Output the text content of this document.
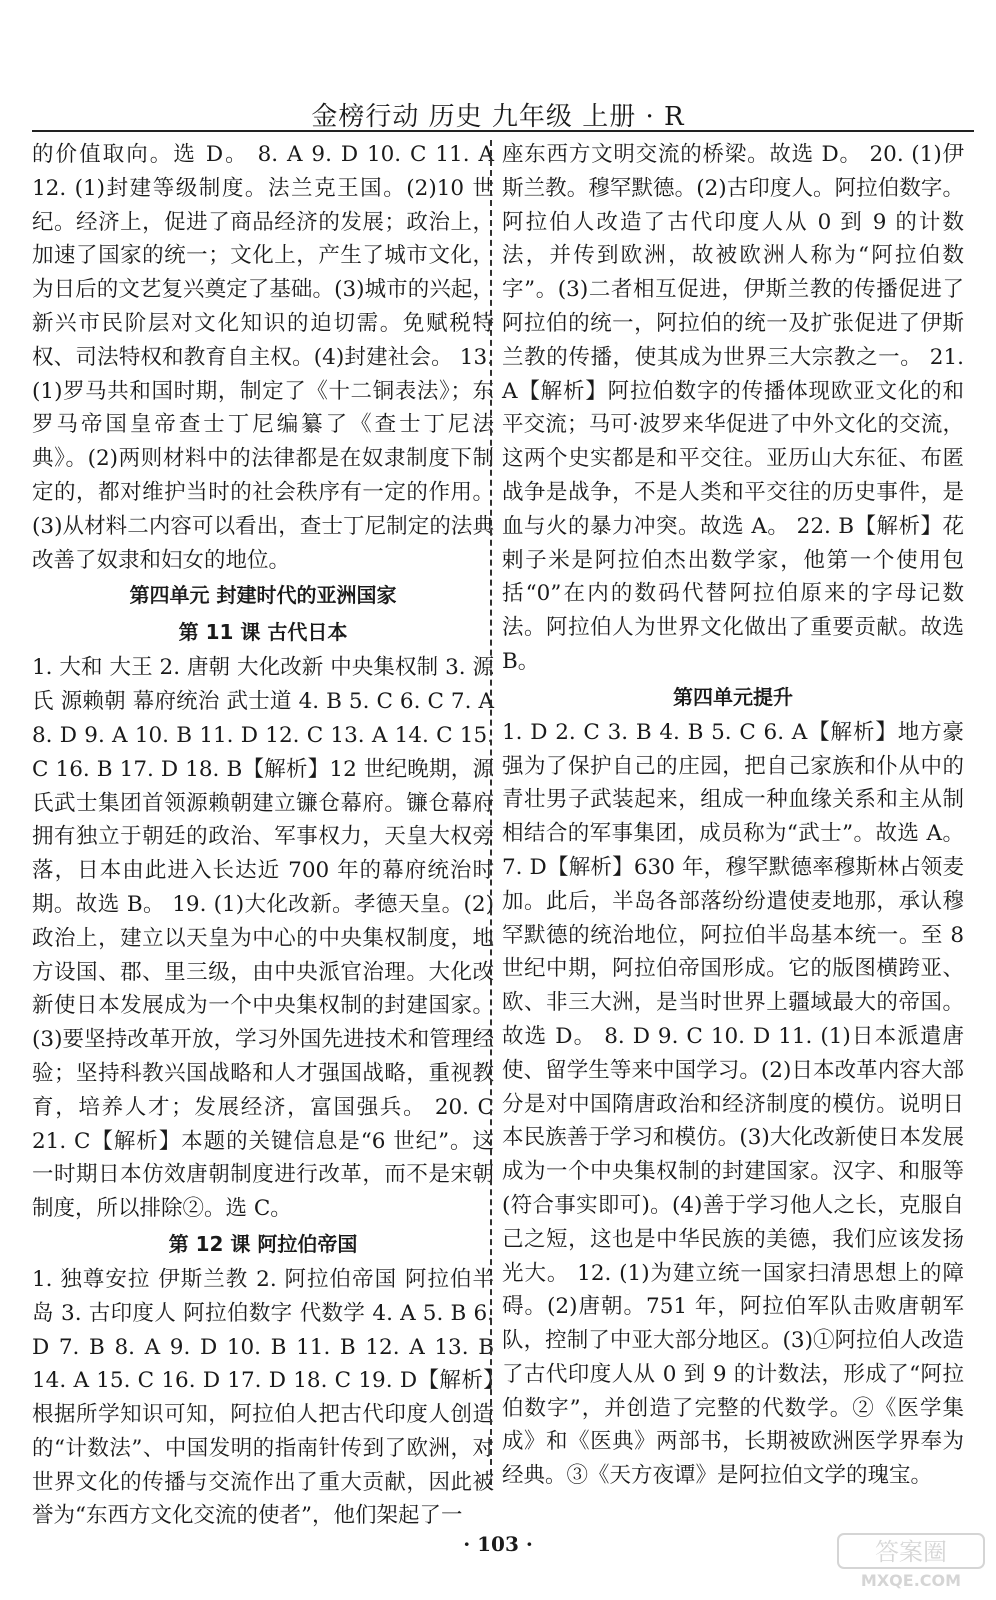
金榜行动 历史 九年级 上册 · R

的价值取向。选 D。 8. A 9. D 10. C 11. A 12. (1)封建等级制度。法兰克王国。(2)10 世纪。经济上，促进了商品经济的发展；政治上，加速了国家的统一；文化上，产生了城市文化，为日后的文艺复兴奠定了基础。(3)城市的兴起，新兴市民阶层对文化知识的迫切需。免赋税特权、司法特权和教育自主权。(4)封建社会。 13. (1)罗马共和国时期，制定了《十二铜表法》；东罗马帝国皇帝查士丁尼编纂了《查士丁尼法典》。(2)两则材料中的法律都是在奴隶制度下制定的，都对维护当时的社会秩序有一定的作用。(3)从材料二内容可以看出，查士丁尼制定的法典改善了奴隶和妇女的地位。

第四单元 封建时代的亚洲国家

第 11 课 古代日本

1. 大和 大王 2. 唐朝 大化改新 中央集权制 3. 源氏 源赖朝 幕府统治 武士道 4. B 5. C 6. C 7. A 8. D 9. A 10. B 11. D 12. C 13. A 14. C 15. C 16. B 17. D 18. B【解析】12 世纪晚期，源氏武士集团首领源赖朝建立镰仓幕府。镰仓幕府拥有独立于朝廷的政治、军事权力，天皇大权旁落，日本由此进入长达近 700 年的幕府统治时期。故选 B。 19. (1)大化改新。孝德天皇。(2)政治上，建立以天皇为中心的中央集权制度，地方设国、郡、里三级，由中央派官治理。大化改新使日本发展成为一个中央集权制的封建国家。(3)要坚持改革开放，学习外国先进技术和管理经验；坚持科教兴国战略和人才强国战略，重视教育，培养人才；发展经济，富国强兵。 20. C 21. C【解析】本题的关键信息是“6 世纪”。这一时期日本仿效唐朝制度进行改革，而不是宋朝制度，所以排除②。选 C。

第 12 课 阿拉伯帝国

1. 独尊安拉 伊斯兰教 2. 阿拉伯帝国 阿拉伯半岛 3. 古印度人 阿拉伯数字 代数学 4. A 5. B 6. D 7. B 8. A 9. D 10. B 11. B 12. A 13. B 14. A 15. C 16. D 17. D 18. C 19. D【解析】根据所学知识可知，阿拉伯人把古代印度人创造的“计数法”、中国发明的指南针传到了欧洲，对世界文化的传播与交流作出了重大贡献，因此被誉为“东西方文化交流的使者”，他们架起了一

座东西方文明交流的桥梁。故选 D。 20. (1)伊斯兰教。穆罕默德。(2)古印度人。阿拉伯数字。阿拉伯人改造了古代印度人从 0 到 9 的计数法，并传到欧洲，故被欧洲人称为“阿拉伯数字”。(3)二者相互促进，伊斯兰教的传播促进了阿拉伯的统一，阿拉伯的统一及扩张促进了伊斯兰教的传播，使其成为世界三大宗教之一。 21. A【解析】阿拉伯数字的传播体现欧亚文化的和平交流；马可·波罗来华促进了中外文化的交流，这两个史实都是和平交往。亚历山大东征、布匿战争是战争，不是人类和平交往的历史事件，是血与火的暴力冲突。故选 A。 22. B【解析】花剌子米是阿拉伯杰出数学家，他第一个使用包括“0”在内的数码代替阿拉伯原来的字母记数法。阿拉伯人为世界文化做出了重要贡献。故选 B。

第四单元提升

1. D 2. C 3. B 4. B 5. C 6. A【解析】地方豪强为了保护自己的庄园，把自己家族和仆从中的青壮男子武装起来，组成一种血缘关系和主从制相结合的军事集团，成员称为“武士”。故选 A。 7. D【解析】630 年，穆罕默德率穆斯林占领麦加。此后，半岛各部落纷纷遣使麦地那，承认穆罕默德的统治地位，阿拉伯半岛基本统一。至 8 世纪中期，阿拉伯帝国形成。它的版图横跨亚、欧、非三大洲，是当时世界上疆域最大的帝国。故选 D。 8. D 9. C 10. D 11. (1)日本派遣唐使、留学生等来中国学习。(2)日本改革内容大部分是对中国隋唐政治和经济制度的模仿。说明日本民族善于学习和模仿。(3)大化改新使日本发展成为一个中央集权制的封建国家。汉字、和服等(符合事实即可)。(4)善于学习他人之长，克服自己之短，这也是中华民族的美德，我们应该发扬光大。 12. (1)为建立统一国家扫清思想上的障碍。(2)唐朝。751 年，阿拉伯军队击败唐朝军队，控制了中亚大部分地区。(3)①阿拉伯人改造了古代印度人从 0 到 9 的计数法，形成了“阿拉伯数字”，并创造了完整的代数学。②《医学集成》和《医典》两部书，长期被欧洲医学界奉为经典。③《天方夜谭》是阿拉伯文学的瑰宝。

· 103 ·	答案圈
MXQE.COM
